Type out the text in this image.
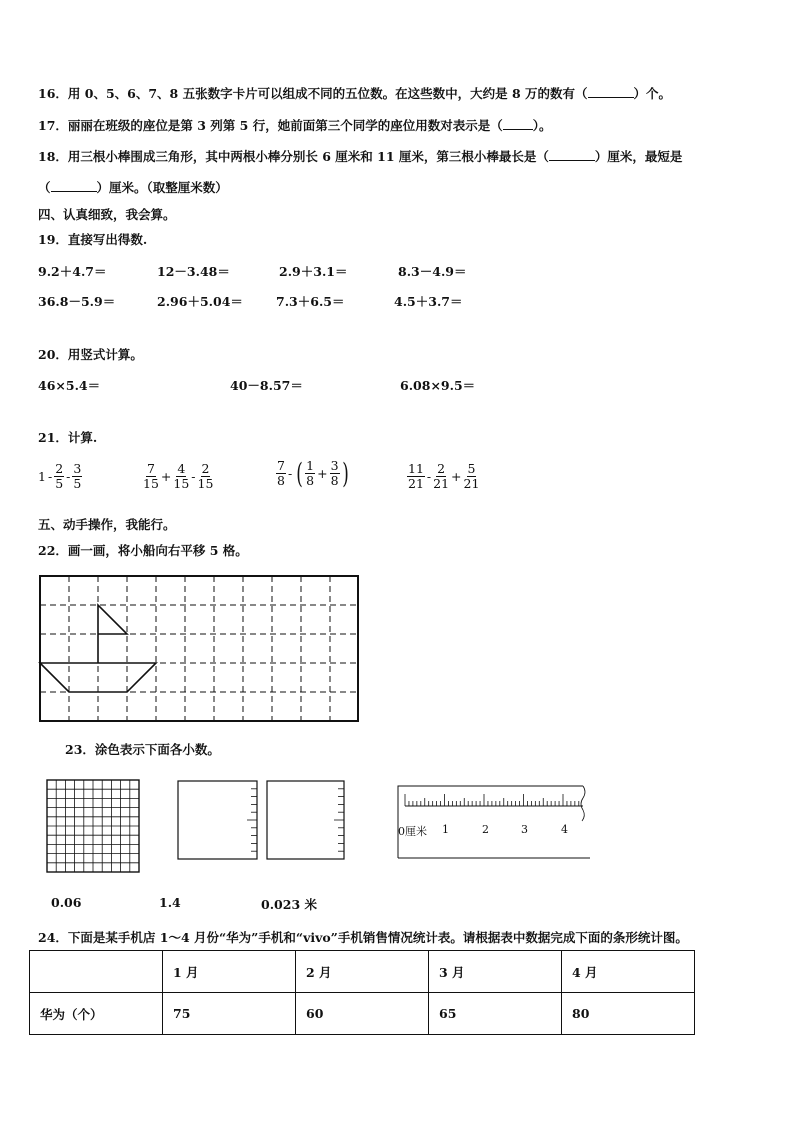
16．用 0、5、6、7、8 五张数字卡片可以组成不同的五位数。在这些数中，大约是 8 万的数有（	）个。
17．丽丽在班级的座位是第 3 列第 5 行，她前面第三个同学的座位用数对表示是（ ）。
18．用三根小棒围成三角形，其中两根小棒分别长 6 厘米和 11 厘米，第三根小棒最长是（	）厘米，最短是
（	）厘米。（取整厘米数）
四、认真细致，我会算。
19．直接写出得数.
9.2＋4.7＝	12－3.48＝	2.9＋3.1＝	8.3－4.9＝
36.8－5.9＝	2.96＋5.04＝	7.3＋6.5＝	4.5＋3.7＝
20．用竖式计算。
46×5.4＝	40－8.57＝	6.08×9.5＝
21．计算.
$1 - \frac{2}{5} - \frac{3}{5}$	$\frac{7}{15} + \frac{4}{15} - \frac{2}{15}$	$\frac{7}{8}$ - ( $\frac{1}{8} + \frac{3}{8}$ )	$\frac{11}{21} - \frac{2}{21} + \frac{5}{21}$
五、动手操作，我能行。
22．画一画，将小船向右平移 5 格。
23．涂色表示下面各小数。
0厘米 1	2	3	4
0.06	1.4	0.023 米
24．下面是某手机店 1～4 月份“华为”手机和“vivo”手机销售情况统计表。请根据表中数据完成下面的条形统计图。
	1 月	2 月	3 月	4 月
华为（个）	75	60	65	80
